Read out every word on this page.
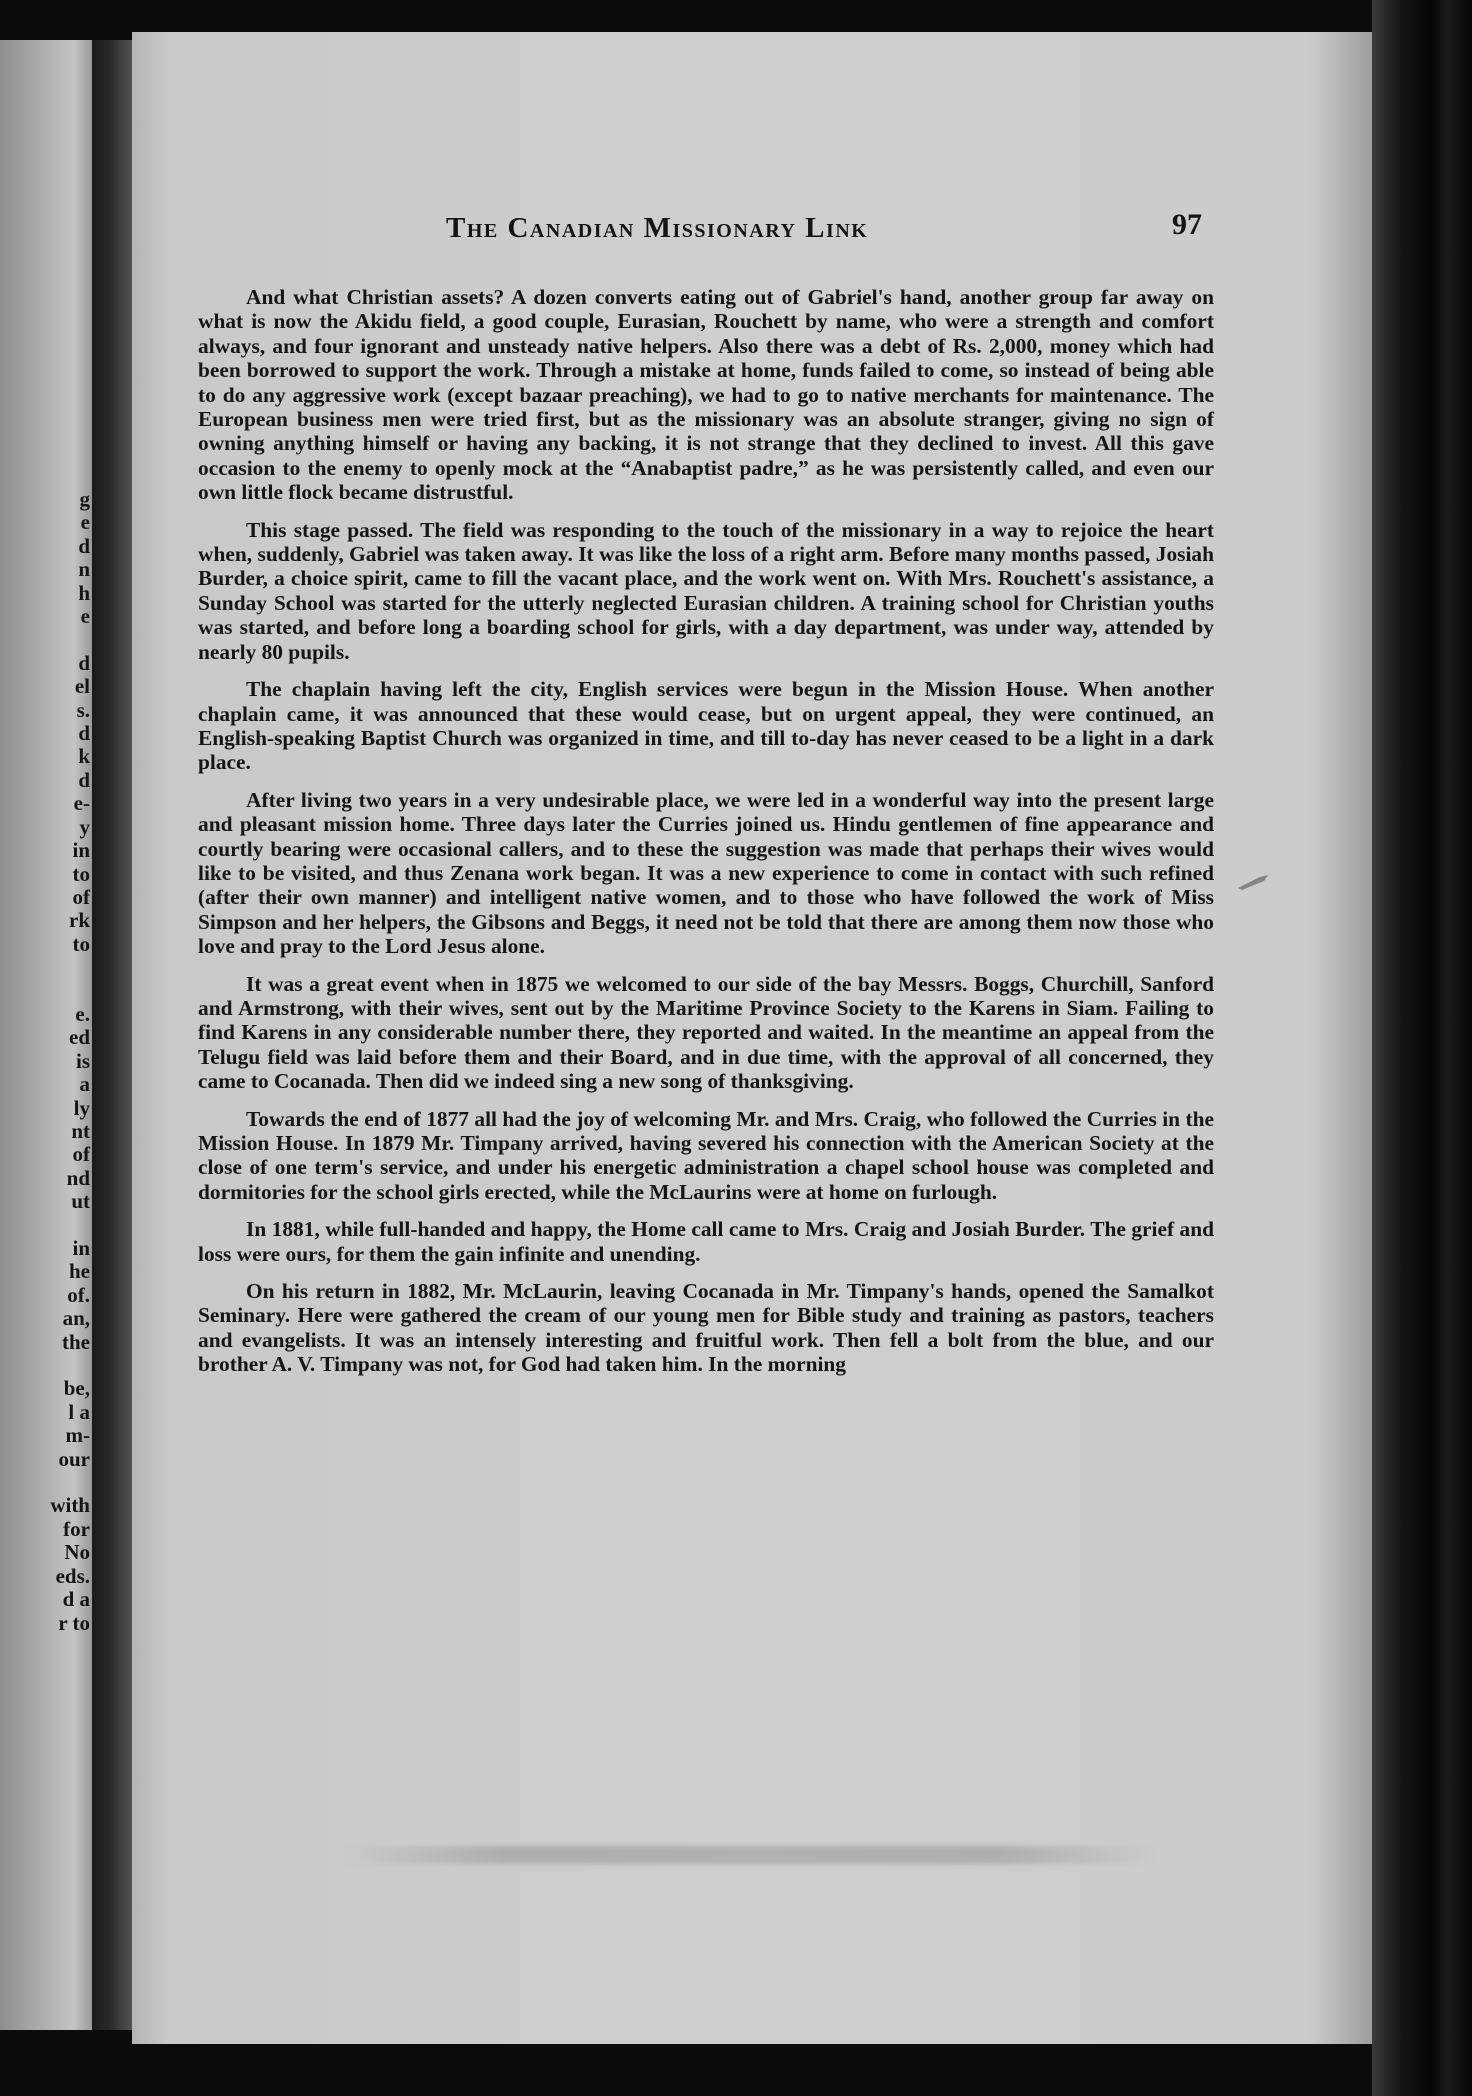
g
e
d
n
h
e

d
el
s.
d
k
d
e-
y
in
to
of
rk
to

e.
ed
is
a
ly
nt
of
nd
ut

in
he
of.
an,
the

be,
l a
m-
our

with
for
No
eds.
d a
r to
The Canadian Missionary Link	97

And what Christian assets? A dozen converts eating out of Gabriel's hand, another group far away on what is now the Akidu field, a good couple, Eurasian, Rouchett by name, who were a strength and comfort always, and four ignorant and unsteady native helpers. Also there was a debt of Rs. 2,000, money which had been borrowed to support the work. Through a mistake at home, funds failed to come, so instead of being able to do any aggressive work (except bazaar preaching), we had to go to native merchants for maintenance. The European business men were tried first, but as the missionary was an absolute stranger, giving no sign of owning anything himself or having any backing, it is not strange that they declined to invest. All this gave occasion to the enemy to openly mock at the “Anabaptist padre,” as he was persistently called, and even our own little flock became distrustful.

This stage passed. The field was responding to the touch of the missionary in a way to rejoice the heart when, suddenly, Gabriel was taken away. It was like the loss of a right arm. Before many months passed, Josiah Burder, a choice spirit, came to fill the vacant place, and the work went on. With Mrs. Rouchett's assistance, a Sunday School was started for the utterly neglected Eurasian children. A training school for Christian youths was started, and before long a boarding school for girls, with a day department, was under way, attended by nearly 80 pupils.

The chaplain having left the city, English services were begun in the Mission House. When another chaplain came, it was announced that these would cease, but on urgent appeal, they were continued, an English-speaking Baptist Church was organized in time, and till to-day has never ceased to be a light in a dark place.

After living two years in a very undesirable place, we were led in a wonderful way into the present large and pleasant mission home. Three days later the Curries joined us. Hindu gentlemen of fine appearance and courtly bearing were occasional callers, and to these the suggestion was made that perhaps their wives would like to be visited, and thus Zenana work began. It was a new experience to come in contact with such refined (after their own manner) and intelligent native women, and to those who have followed the work of Miss Simpson and her helpers, the Gibsons and Beggs, it need not be told that there are among them now those who love and pray to the Lord Jesus alone.

It was a great event when in 1875 we welcomed to our side of the bay Messrs. Boggs, Churchill, Sanford and Armstrong, with their wives, sent out by the Maritime Province Society to the Karens in Siam. Failing to find Karens in any considerable number there, they reported and waited. In the meantime an appeal from the Telugu field was laid before them and their Board, and in due time, with the approval of all concerned, they came to Cocanada. Then did we indeed sing a new song of thanksgiving.

Towards the end of 1877 all had the joy of welcoming Mr. and Mrs. Craig, who followed the Curries in the Mission House. In 1879 Mr. Timpany arrived, having severed his connection with the American Society at the close of one term's service, and under his energetic administration a chapel school house was completed and dormitories for the school girls erected, while the McLaurins were at home on furlough.

In 1881, while full-handed and happy, the Home call came to Mrs. Craig and Josiah Burder. The grief and loss were ours, for them the gain infinite and unending.

On his return in 1882, Mr. McLaurin, leaving Cocanada in Mr. Timpany's hands, opened the Samalkot Seminary. Here were gathered the cream of our young men for Bible study and training as pastors, teachers and evangelists. It was an intensely interesting and fruitful work. Then fell a bolt from the blue, and our brother A. V. Timpany was not, for God had taken him. In the morning
